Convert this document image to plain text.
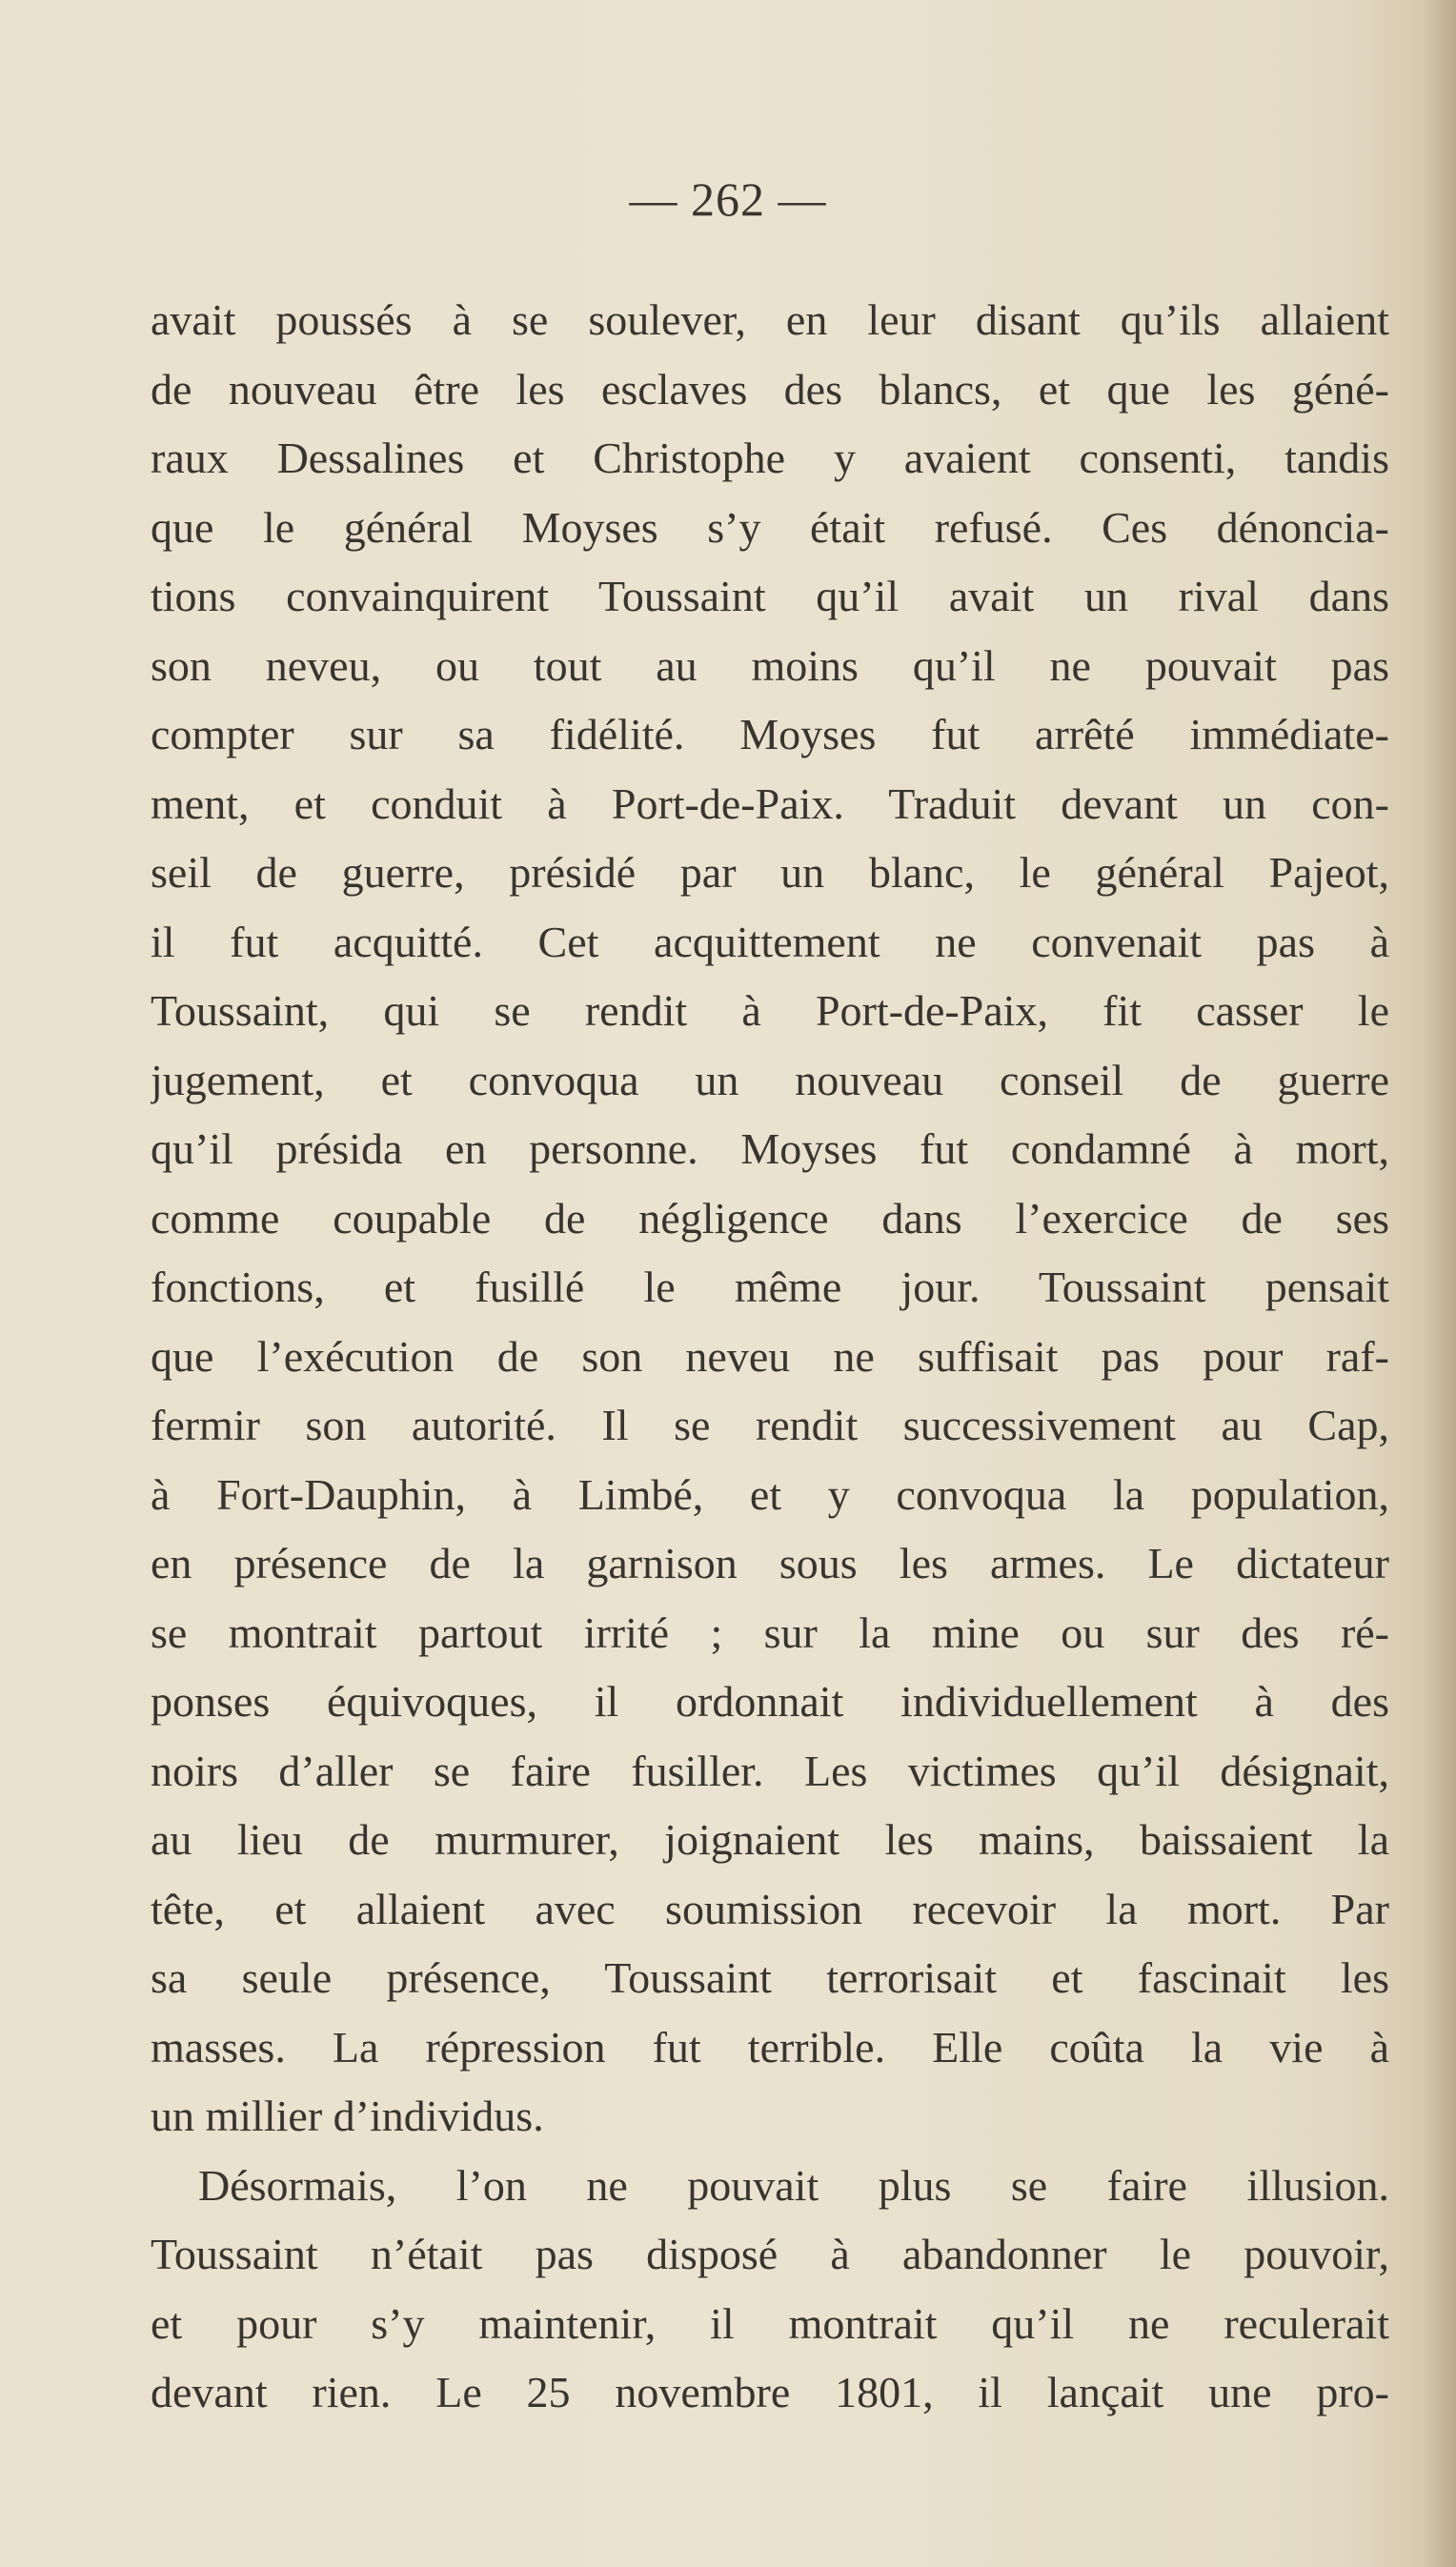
— 262 —
avait poussés à se soulever, en leur disant qu’ils allaient
de nouveau être les esclaves des blancs, et que les géné-
raux Dessalines et Christophe y avaient consenti, tandis
que le général Moyses s’y était refusé. Ces dénoncia-
tions convainquirent Toussaint qu’il avait un rival dans
son neveu, ou tout au moins qu’il ne pouvait pas
compter sur sa fidélité. Moyses fut arrêté immédiate-
ment, et conduit à Port-de-Paix. Traduit devant un con-
seil de guerre, présidé par un blanc, le général Pajeot,
il fut acquitté. Cet acquittement ne convenait pas à
Toussaint, qui se rendit à Port-de-Paix, fit casser le
jugement, et convoqua un nouveau conseil de guerre
qu’il présida en personne. Moyses fut condamné à mort,
comme coupable de négligence dans l’exercice de ses
fonctions, et fusillé le même jour. Toussaint pensait
que l’exécution de son neveu ne suffisait pas pour raf-
fermir son autorité. Il se rendit successivement au Cap,
à Fort-Dauphin, à Limbé, et y convoqua la population,
en présence de la garnison sous les armes. Le dictateur
se montrait partout irrité ; sur la mine ou sur des ré-
ponses équivoques, il ordonnait individuellement à des
noirs d’aller se faire fusiller. Les victimes qu’il désignait,
au lieu de murmurer, joignaient les mains, baissaient la
tête, et allaient avec soumission recevoir la mort. Par
sa seule présence, Toussaint terrorisait et fascinait les
masses. La répression fut terrible. Elle coûta la vie à
un millier d’individus.
Désormais, l’on ne pouvait plus se faire illusion.
Toussaint n’était pas disposé à abandonner le pouvoir,
et pour s’y maintenir, il montrait qu’il ne reculerait
devant rien. Le 25 novembre 1801, il lançait une pro-
